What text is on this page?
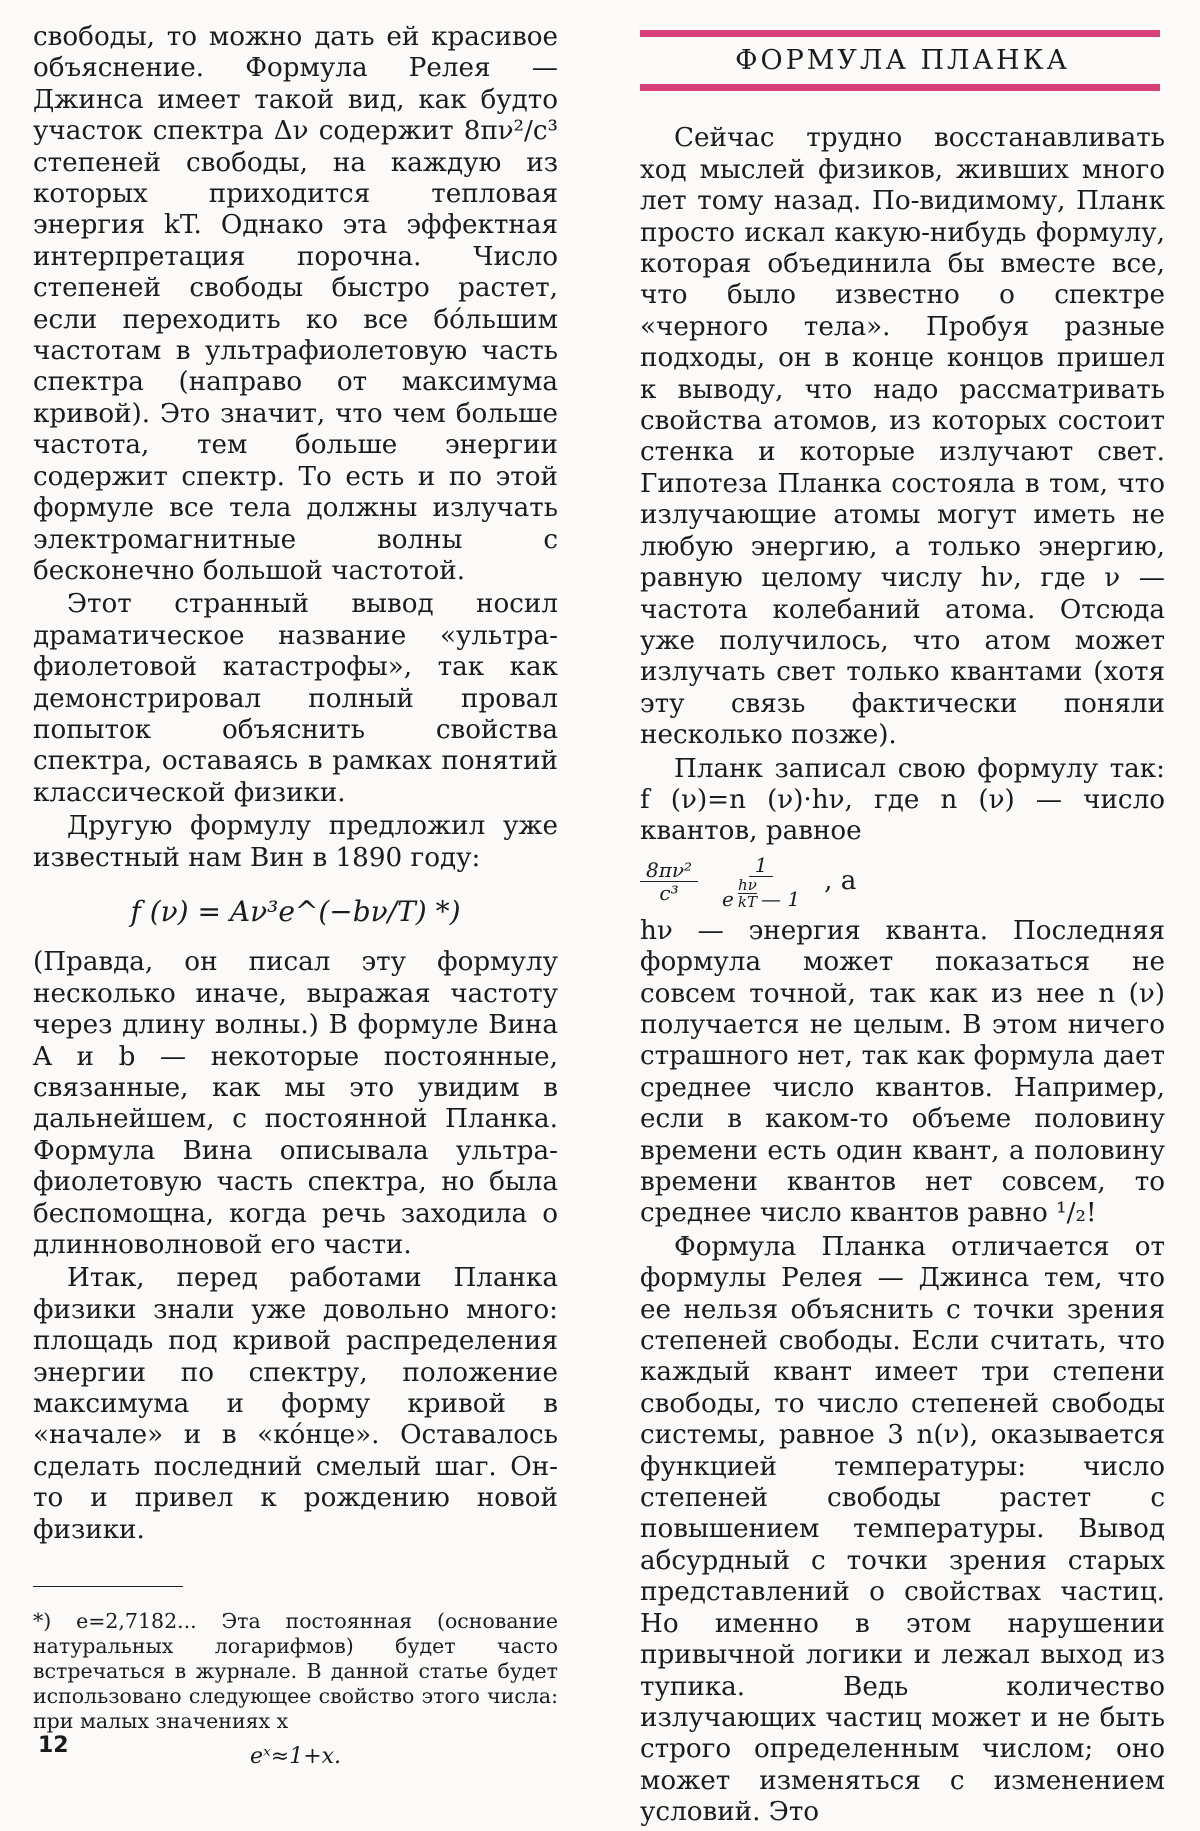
свободы, то можно дать ей красивое объяснение. Формула Релея — Джинса имеет такой вид, как будто участок спектра Δν содержит 8πν²/c³ степеней свободы, на каждую из которых приходится тепловая энергия kT. Однако эта эффектная интерпретация порочна. Число степеней свободы быстро растет, если переходить ко все бо́льшим частотам в ультрафиолетовую часть спектра (направо от максимума кривой). Это значит, что чем больше частота, тем больше энергии содержит спектр. То есть и по этой формуле все тела должны излучать электромагнитные волны с бесконечно большой частотой.

Этот странный вывод носил драматическое название «ультра-фиолетовой катастрофы», так как демонстрировал полный провал попыток объяснить свойства спектра, оставаясь в рамках понятий классической физики.

Другую формулу предложил уже известный нам Вин в 1890 году:

f (ν) = Aν³e^(−bν/T) *)

(Правда, он писал эту формулу несколько иначе, выражая частоту через длину волны.) В формуле Вина A и b — некоторые постоянные, связанные, как мы это увидим в дальнейшем, с постоянной Планка. Формула Вина описывала ультра-фиолетовую часть спектра, но была беспомощна, когда речь заходила о длинноволновой его части.

Итак, перед работами Планка физики знали уже довольно много: площадь под кривой распределения энергии по спектру, положение максимума и форму кривой в «начале» и в «ко́нце». Оставалось сделать последний смелый шаг. Он-то и привел к рождению новой физики.

*) e=2,7182... Эта постоянная (основание натуральных логарифмов) будет часто встречаться в журнале. В данной статье будет использовано следующее свойство этого числа: при малых значениях x
eˣ≈1+x.
12
ФОРМУЛА ПЛАНКА

Сейчас трудно восстанавливать ход мыслей физиков, живших много лет тому назад. По-видимому, Планк просто искал какую-нибудь формулу, которая объединила бы вместе все, что было известно о спектре «черного тела». Пробуя разные подходы, он в конце концов пришел к выводу, что надо рассматривать свойства атомов, из которых состоит стенка и которые излучают свет. Гипотеза Планка состояла в том, что излучающие атомы могут иметь не любую энергию, а только энергию, равную целому числу hν, где ν — частота колебаний атома. Отсюда уже получилось, что атом может излучать свет только квантами (хотя эту связь фактически поняли несколько позже).

Планк записал свою формулу так: f (ν)=n (ν)·hν, где n (ν) — число квантов, равное

$\frac{\text{8πν²}}{\text{c³}}$	1
e $\frac{h\nu}{kT}$ — 1
, а

hν — энергия кванта. Последняя формула может показаться не совсем точной, так как из нее n (ν) получается не целым. В этом ничего страшного нет, так как формула дает среднее число квантов. Например, если в каком-то объеме половину времени есть один квант, а половину времени квантов нет совсем, то среднее число квантов равно ¹/₂!

Формула Планка отличается от формулы Релея — Джинса тем, что ее нельзя объяснить с точки зрения степеней свободы. Если считать, что каждый квант имеет три степени свободы, то число степеней свободы системы, равное 3 n(ν), оказывается функцией температуры: число степеней свободы растет с повышением температуры. Вывод абсурдный с точки зрения старых представлений о свойствах частиц. Но именно в этом нарушении привычной логики и лежал выход из тупика. Ведь количество излучающих частиц может и не быть строго определенным числом; оно может изменяться с изменением условий. Это
